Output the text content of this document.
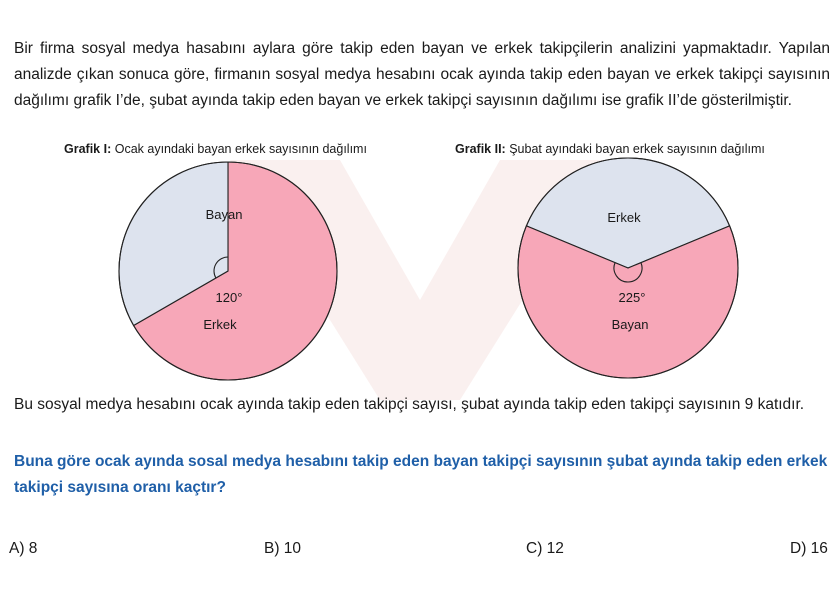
Bir firma sosyal medya hasabını aylara göre takip eden bayan ve erkek takipçilerin analizini yapmaktadır. Yapılan analizde çıkan sonuca göre, firmanın sosyal medya hesabını ocak ayında takip eden bayan ve erkek takipçi sayısının dağılımı grafik I’de, şubat ayında takip eden bayan ve erkek takipçi sayısının dağılımı ise grafik II’de gösterilmiştir.

Grafik I: Ocak ayındaki bayan erkek sayısının dağılımı	Grafik II: Şubat ayındaki bayan erkek sayısının dağılımı

Bayan
Erkek
120°
Erkek
Bayan
225°

Bu sosyal medya hesabını ocak ayında takip eden takipçi sayısı, şubat ayında takip eden takipçi sayısının 9 katıdır.

Buna göre ocak ayında sosal medya hesabını takip eden bayan takipçi sayısının şubat ayında takip eden erkek takipçi sayısına oranı kaçtır?

A) 8	B) 10	C) 12	D) 16
